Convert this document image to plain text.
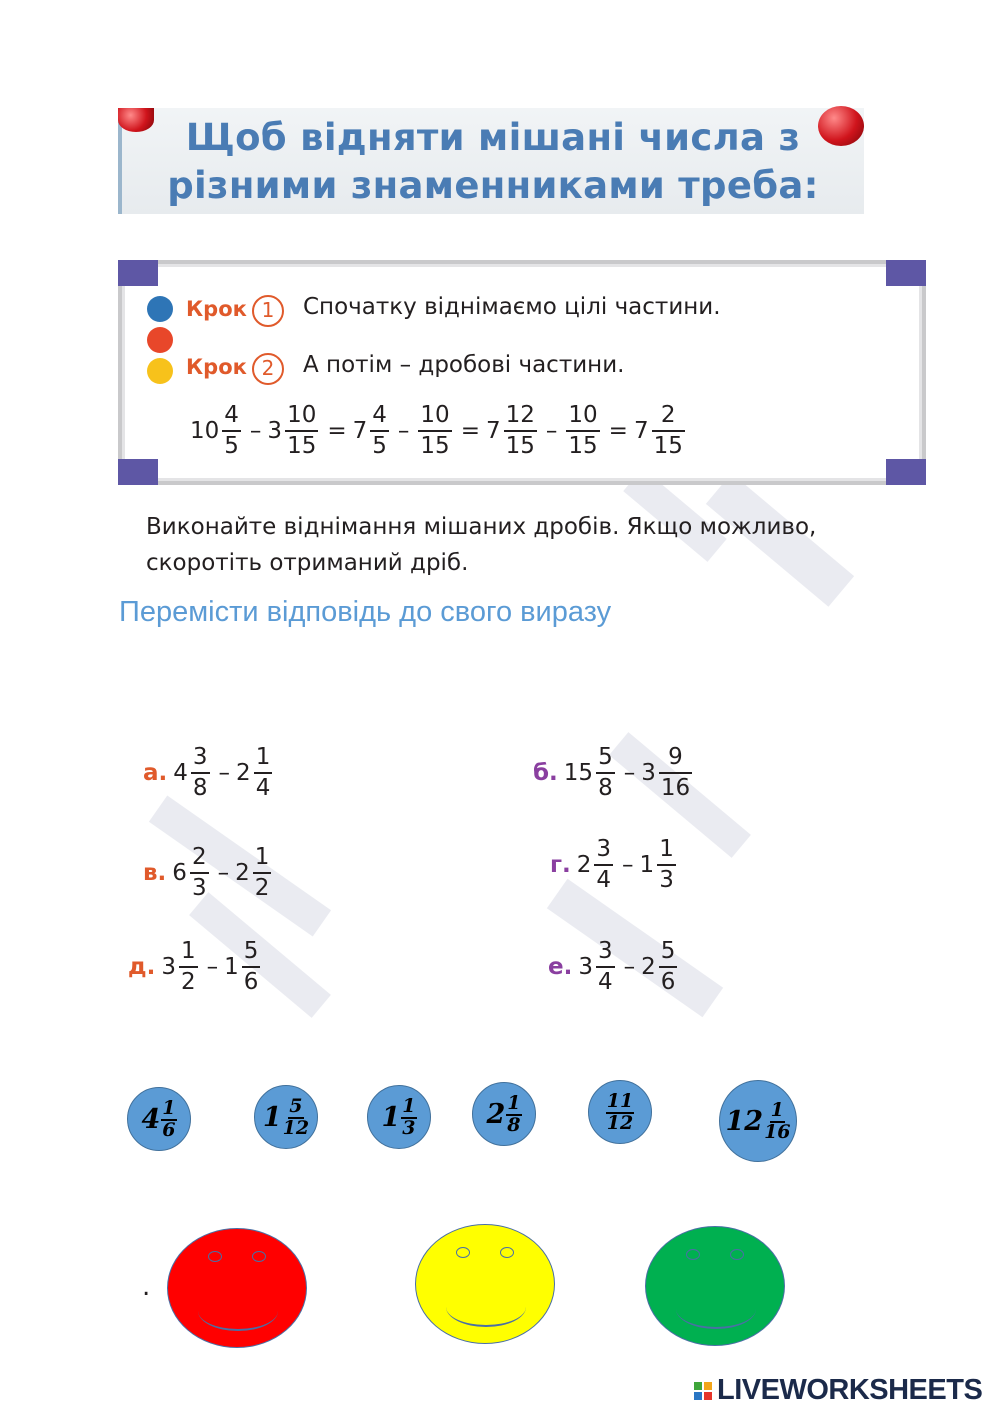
Щоб відняти мішані числа з
різними знаменниками треба:
Крок 1	Спочатку віднімаємо цілі частини.
Крок 2	А потім – дробові частини.
$10 \frac{4}{5} - 3 \frac{10}{15} = 7 \frac{4}{5} - \frac{10}{15} = 7 \frac{12}{15} - \frac{10}{15} = 7 \frac{2}{15}$
Виконайте віднімання мішаних дробів. Якщо можливо,
скоротіть отриманий дріб.
Перемісти відповідь до свого виразу
а. $4 \frac{3}{8} - 2 \frac{1}{4}$	б. $15 \frac{5}{8} - 3 \frac{9}{16}$
в. $6 \frac{2}{3} - 2 \frac{1}{2}$	г. $2 \frac{3}{4} - 1 \frac{1}{3}$
д. $3 \frac{1}{2} - 1 \frac{5}{6}$	е. $3 \frac{3}{4} - 2 \frac{5}{6}$
4 1
6	1 5
12	1 1
3	2 1
8
11
12	12 1
16
.
LIVEWORKSHEETS
